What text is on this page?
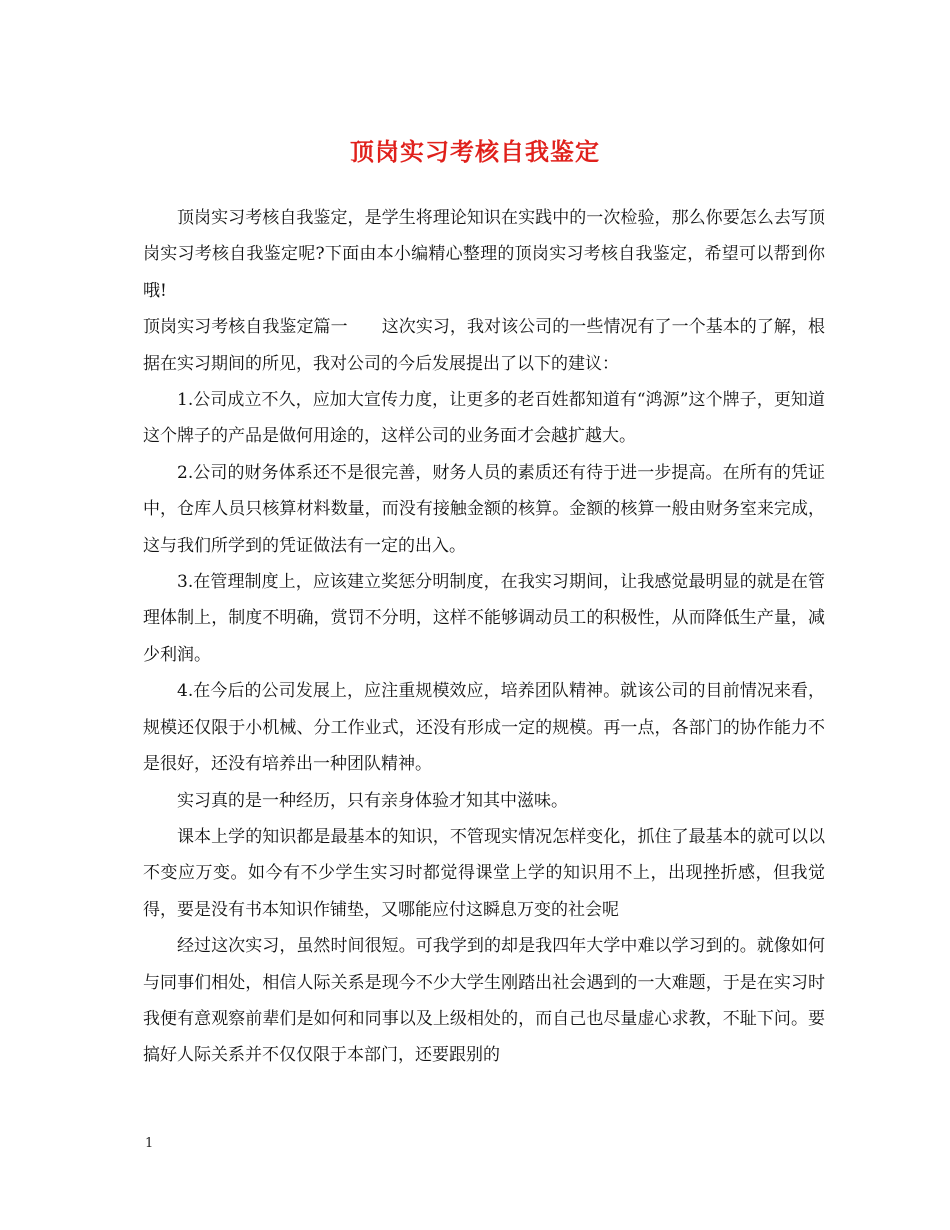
顶岗实习考核自我鉴定

顶岗实习考核自我鉴定，是学生将理论知识在实践中的一次检验，那么你要怎么去写顶岗实习考核自我鉴定呢?下面由本小编精心整理的顶岗实习考核自我鉴定，希望可以帮到你哦!

顶岗实习考核自我鉴定篇一　　这次实习，我对该公司的一些情况有了一个基本的了解，根据在实习期间的所见，我对公司的今后发展提出了以下的建议：

1.公司成立不久，应加大宣传力度，让更多的老百姓都知道有“鸿源”这个牌子，更知道这个牌子的产品是做何用途的，这样公司的业务面才会越扩越大。

2.公司的财务体系还不是很完善，财务人员的素质还有待于进一步提高。在所有的凭证中，仓库人员只核算材料数量，而没有接触金额的核算。金额的核算一般由财务室来完成，这与我们所学到的凭证做法有一定的出入。

3.在管理制度上，应该建立奖惩分明制度，在我实习期间，让我感觉最明显的就是在管理体制上，制度不明确，赏罚不分明，这样不能够调动员工的积极性，从而降低生产量，减少利润。

4.在今后的公司发展上，应注重规模效应，培养团队精神。就该公司的目前情况来看，规模还仅限于小机械、分工作业式，还没有形成一定的规模。再一点，各部门的协作能力不是很好，还没有培养出一种团队精神。

实习真的是一种经历，只有亲身体验才知其中滋味。

课本上学的知识都是最基本的知识，不管现实情况怎样变化，抓住了最基本的就可以以不变应万变。如今有不少学生实习时都觉得课堂上学的知识用不上，出现挫折感，但我觉得，要是没有书本知识作铺垫，又哪能应付这瞬息万变的社会呢

经过这次实习，虽然时间很短。可我学到的却是我四年大学中难以学习到的。就像如何与同事们相处，相信人际关系是现今不少大学生刚踏出社会遇到的一大难题，于是在实习时我便有意观察前辈们是如何和同事以及上级相处的，而自己也尽量虚心求教，不耻下问。要搞好人际关系并不仅仅限于本部门，还要跟别的

1
